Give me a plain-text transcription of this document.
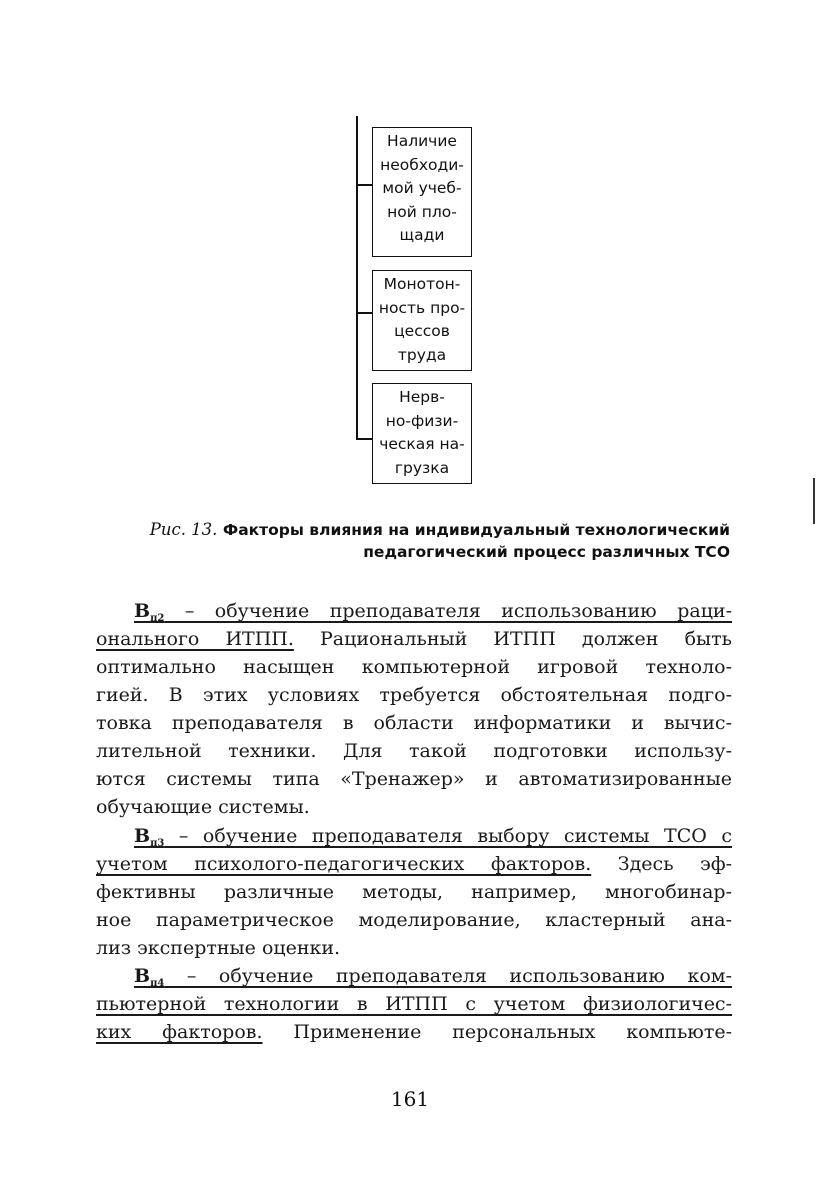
Наличие
необходи-
мой учеб-
ной пло-
щади
Монотон-
ность про-
цессов
труда
Нерв-
но-физи-
ческая на-
грузка
Рис. 13. Факторы влияния на индивидуальный технологический
педагогический процесс различных ТСО
$В_{п2}$ – обучение преподавателя использованию раци-
онального ИТПП. Рациональный ИТПП должен быть
оптимально насыщен компьютерной игровой техноло-
гией. В этих условиях требуется обстоятельная подго-
товка преподавателя в области информатики и вычис-
лительной техники. Для такой подготовки использу-
ются системы типа «Тренажер» и автоматизированные
обучающие системы.
$В_{п3}$ – обучение преподавателя выбору системы ТСО с
учетом психолого-педагогических факторов. Здесь эф-
фективны различные методы, например, многобинар-
ное параметрическое моделирование, кластерный ана-
лиз экспертные оценки.
$В_{п4}$ – обучение преподавателя использованию ком-
пьютерной технологии в ИТПП с учетом физиологичес-
ких факторов. Применение персональных компьюте-
161
